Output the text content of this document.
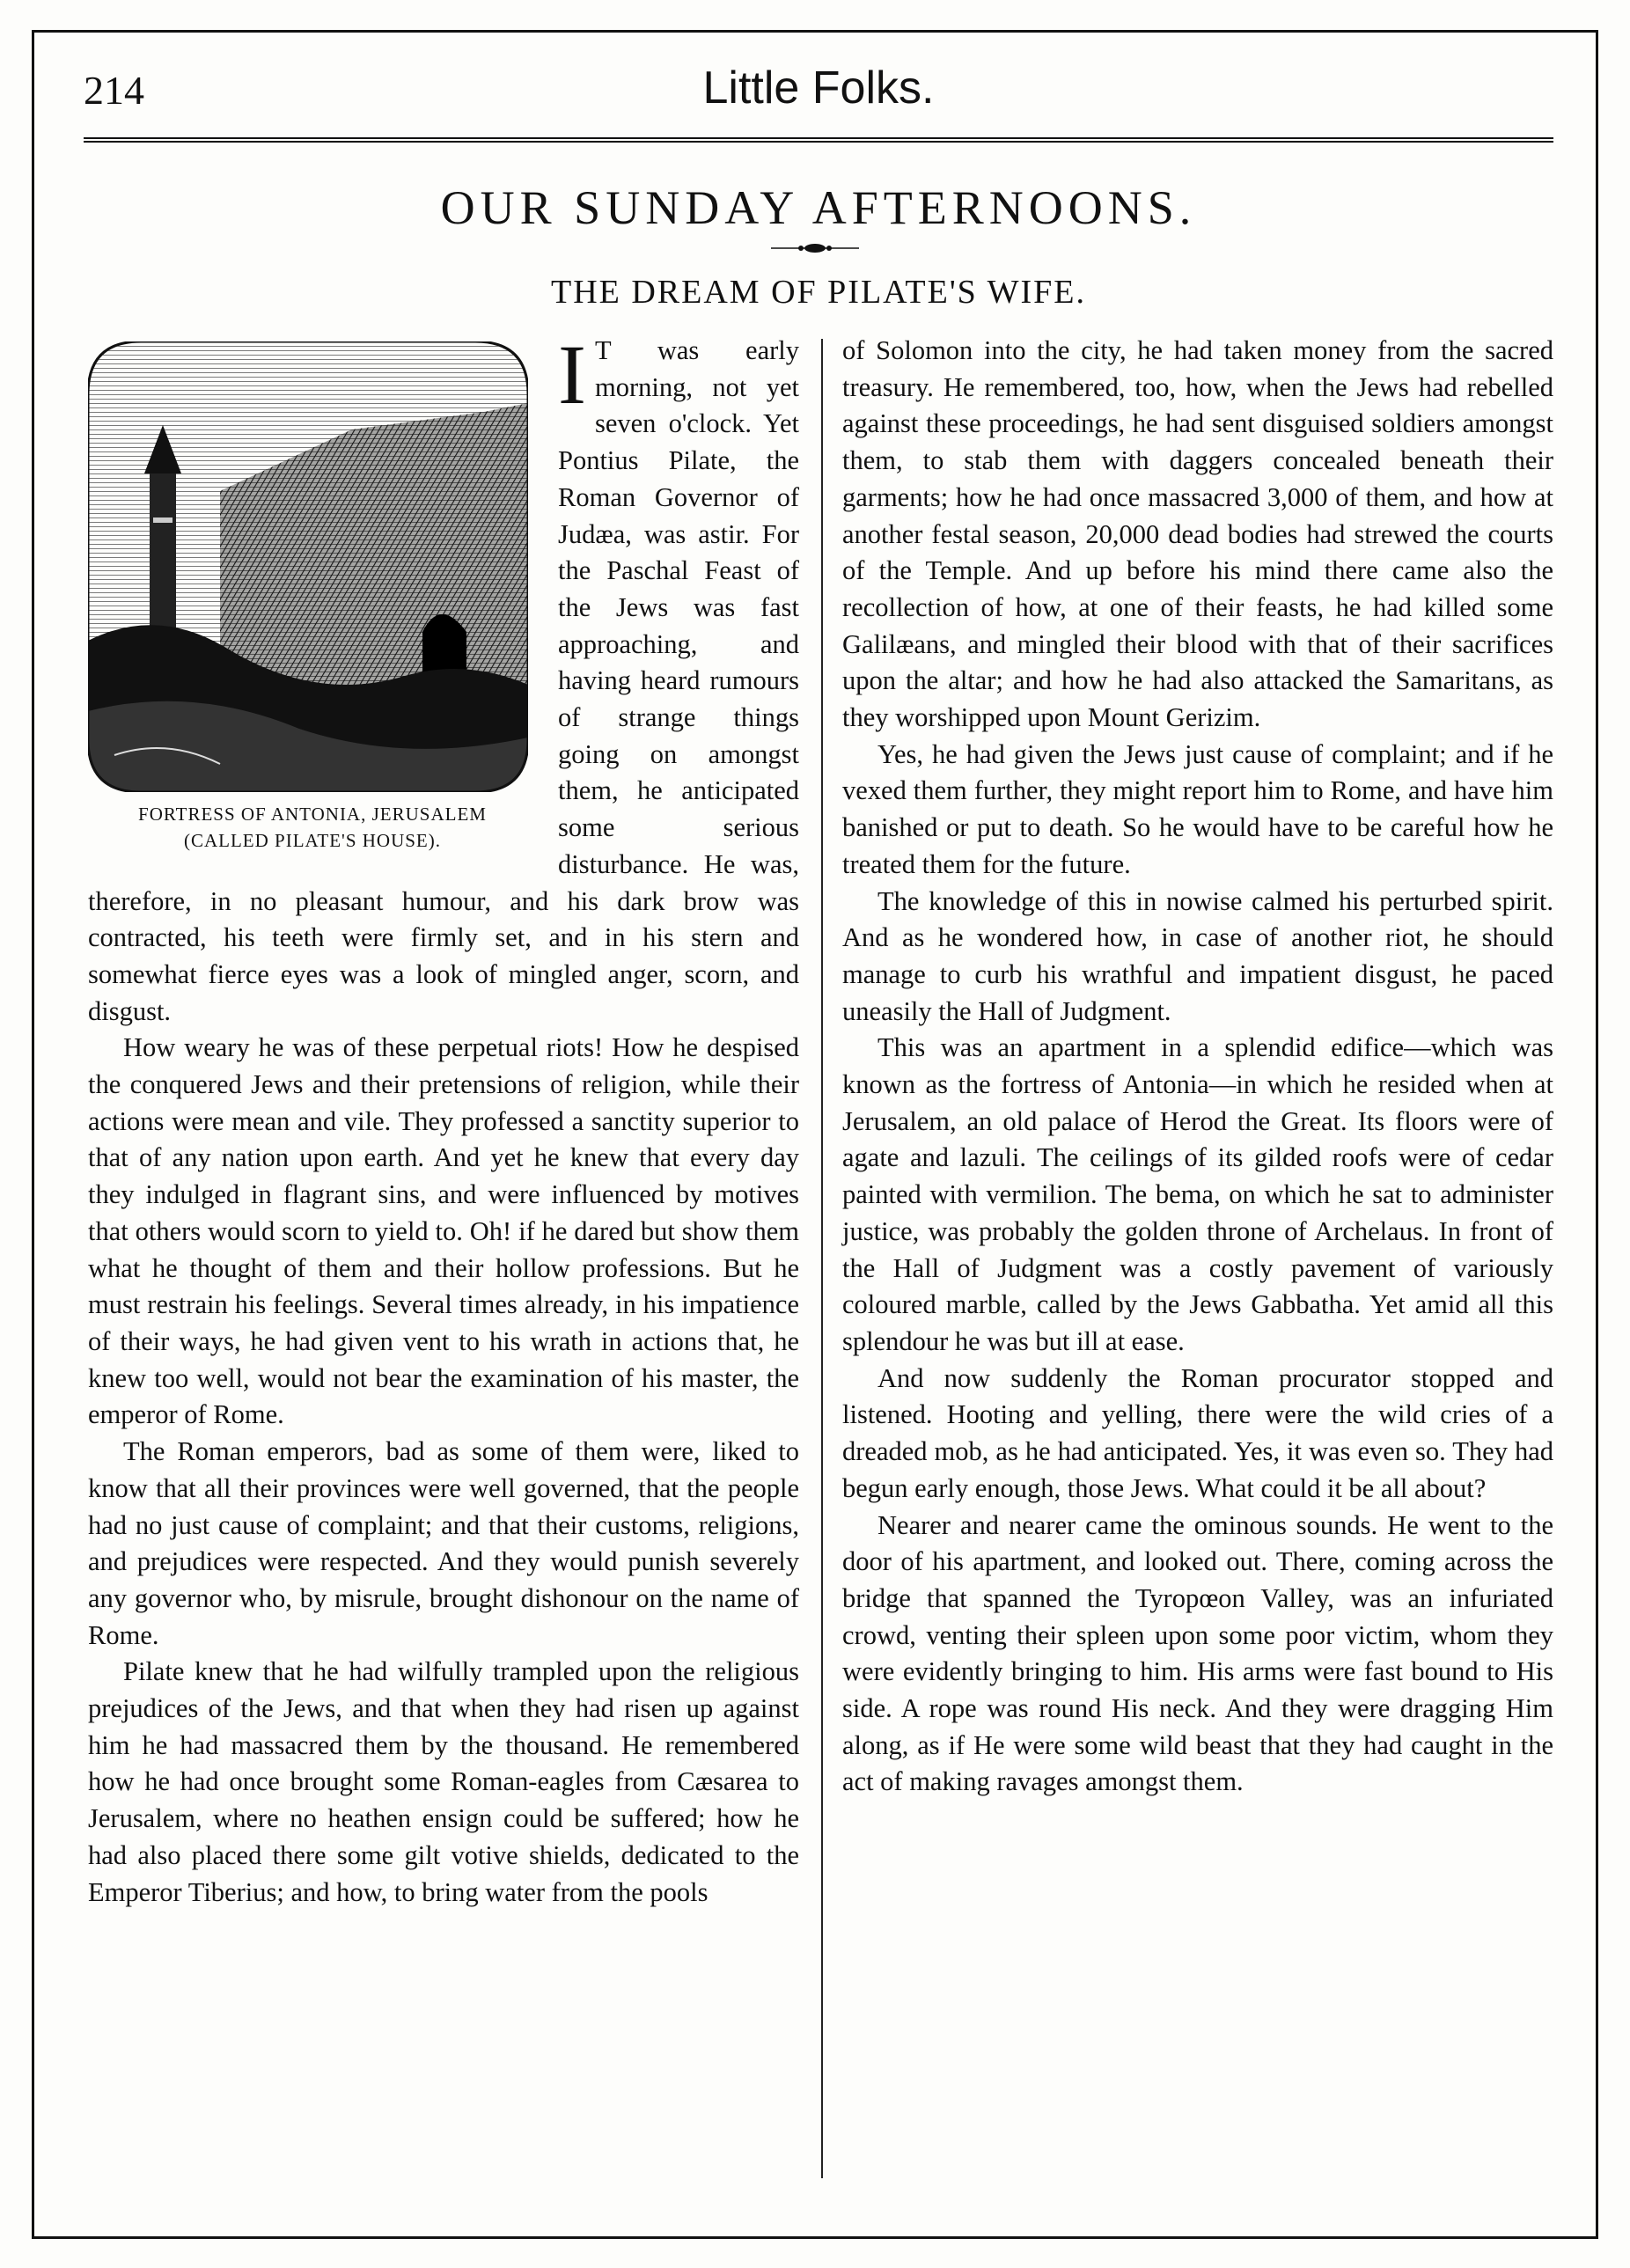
214	Little Folks.
OUR SUNDAY AFTERNOONS.
THE DREAM OF PILATE'S WIFE.
FORTRESS OF ANTONIA, JERUSALEM
(CALLED PILATE'S HOUSE).

I T was early morning, not yet seven o'clock. Yet Pontius Pilate, the Roman Governor of Judæa, was astir. For the Paschal Feast of the Jews was fast approaching, and having heard rumours of strange things going on amongst them, he anticipated some serious disturbance. He was, therefore, in no pleasant humour, and his dark brow was contracted, his teeth were firmly set, and in his stern and somewhat fierce eyes was a look of mingled anger, scorn, and disgust.

How weary he was of these perpetual riots! How he despised the conquered Jews and their pretensions of religion, while their actions were mean and vile. They professed a sanctity superior to that of any nation upon earth. And yet he knew that every day they indulged in flagrant sins, and were influenced by motives that others would scorn to yield to. Oh! if he dared but show them what he thought of them and their hollow professions. But he must restrain his feelings. Several times already, in his impatience of their ways, he had given vent to his wrath in actions that, he knew too well, would not bear the examination of his master, the emperor of Rome.

The Roman emperors, bad as some of them were, liked to know that all their provinces were well governed, that the people had no just cause of complaint; and that their customs, religions, and prejudices were respected. And they would punish severely any governor who, by misrule, brought dishonour on the name of Rome.

Pilate knew that he had wilfully trampled upon the religious prejudices of the Jews, and that when they had risen up against him he had massacred them by the thousand. He remembered how he had once brought some Roman-eagles from Cæsarea to Jerusalem, where no heathen ensign could be suffered; how he had also placed there some gilt votive shields, dedicated to the Emperor Tiberius; and how, to bring water from the pools

of Solomon into the city, he had taken money from the sacred treasury. He remembered, too, how, when the Jews had rebelled against these proceedings, he had sent disguised soldiers amongst them, to stab them with daggers concealed beneath their garments; how he had once massacred 3,000 of them, and how at another festal season, 20,000 dead bodies had strewed the courts of the Temple. And up before his mind there came also the recollection of how, at one of their feasts, he had killed some Galilæans, and mingled their blood with that of their sacrifices upon the altar; and how he had also attacked the Samaritans, as they worshipped upon Mount Gerizim.

Yes, he had given the Jews just cause of complaint; and if he vexed them further, they might report him to Rome, and have him banished or put to death. So he would have to be careful how he treated them for the future.

The knowledge of this in nowise calmed his perturbed spirit. And as he wondered how, in case of another riot, he should manage to curb his wrathful and impatient disgust, he paced uneasily the Hall of Judgment.

This was an apartment in a splendid edifice—which was known as the fortress of Antonia—in which he resided when at Jerusalem, an old palace of Herod the Great. Its floors were of agate and lazuli. The ceilings of its gilded roofs were of cedar painted with vermilion. The bema, on which he sat to administer justice, was probably the golden throne of Archelaus. In front of the Hall of Judgment was a costly pavement of variously coloured marble, called by the Jews Gabbatha. Yet amid all this splendour he was but ill at ease.

And now suddenly the Roman procurator stopped and listened. Hooting and yelling, there were the wild cries of a dreaded mob, as he had anticipated. Yes, it was even so. They had begun early enough, those Jews. What could it be all about?

Nearer and nearer came the ominous sounds. He went to the door of his apartment, and looked out. There, coming across the bridge that spanned the Tyropœon Valley, was an infuriated crowd, venting their spleen upon some poor victim, whom they were evidently bringing to him. His arms were fast bound to His side. A rope was round His neck. And they were dragging Him along, as if He were some wild beast that they had caught in the act of making ravages amongst them.
